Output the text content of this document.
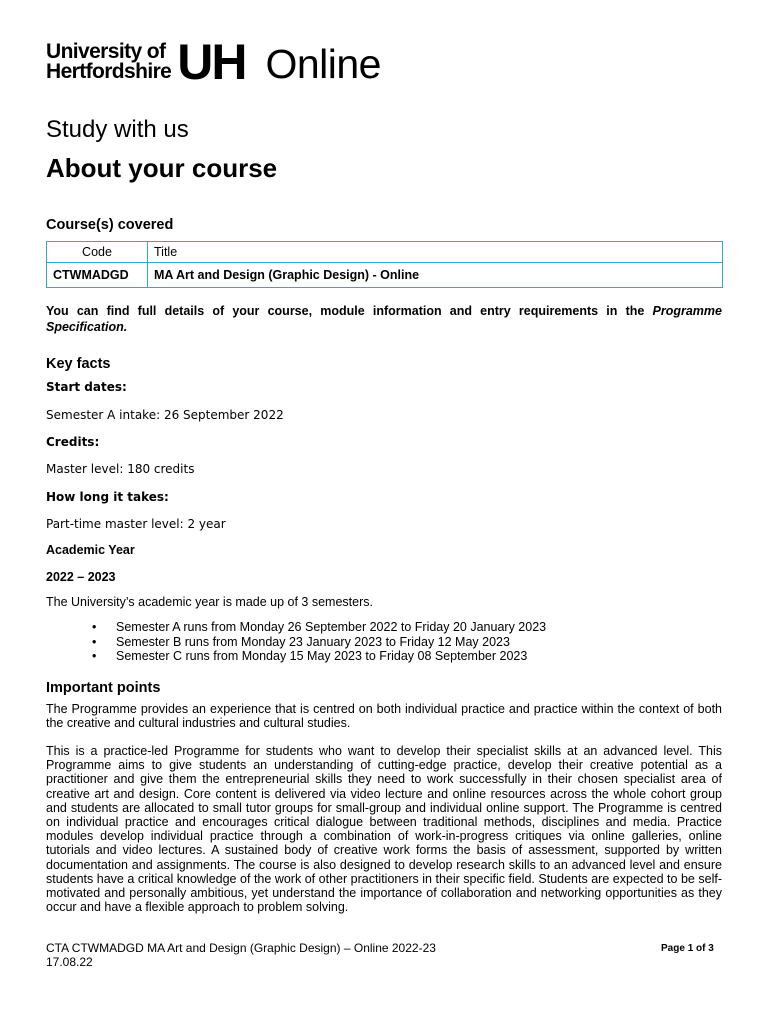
University of
Hertfordshire UH Online
Study with us
About your course
Course(s) covered
Code	Title
CTWMADGD	MA Art and Design (Graphic Design) - Online
You can find full details of your course, module information and entry requirements in the Programme Specification.
Key facts
Start dates:
Semester A intake: 26 September 2022
Credits:
Master level: 180 credits
How long it takes:
Part-time master level: 2 year
Academic Year
2022 – 2023
The University’s academic year is made up of 3 semesters.
• Semester A runs from Monday 26 September 2022 to Friday 20 January 2023
• Semester B runs from Monday 23 January 2023 to Friday 12 May 2023
• Semester C runs from Monday 15 May 2023 to Friday 08 September 2023
Important points
The Programme provides an experience that is centred on both individual practice and practice within the context of both the creative and cultural industries and cultural studies.
This is a practice-led Programme for students who want to develop their specialist skills at an advanced level. This Programme aims to give students an understanding of cutting-edge practice, develop their creative potential as a practitioner and give them the entrepreneurial skills they need to work successfully in their chosen specialist area of creative art and design. Core content is delivered via video lecture and online resources across the whole cohort group and students are allocated to small tutor groups for small-group and individual online support. The Programme is centred on individual practice and encourages critical dialogue between traditional methods, disciplines and media. Practice modules develop individual practice through a combination of work-in-progress critiques via online galleries, online tutorials and video lectures. A sustained body of creative work forms the basis of assessment, supported by written documentation and assignments. The course is also designed to develop research skills to an advanced level and ensure students have a critical knowledge of the work of other practitioners in their specific field. Students are expected to be self-motivated and personally ambitious, yet understand the importance of collaboration and networking opportunities as they occur and have a flexible approach to problem solving.
CTA CTWMADGD MA Art and Design (Graphic Design) – Online 2022-23
17.08.22
Page 1 of 3
